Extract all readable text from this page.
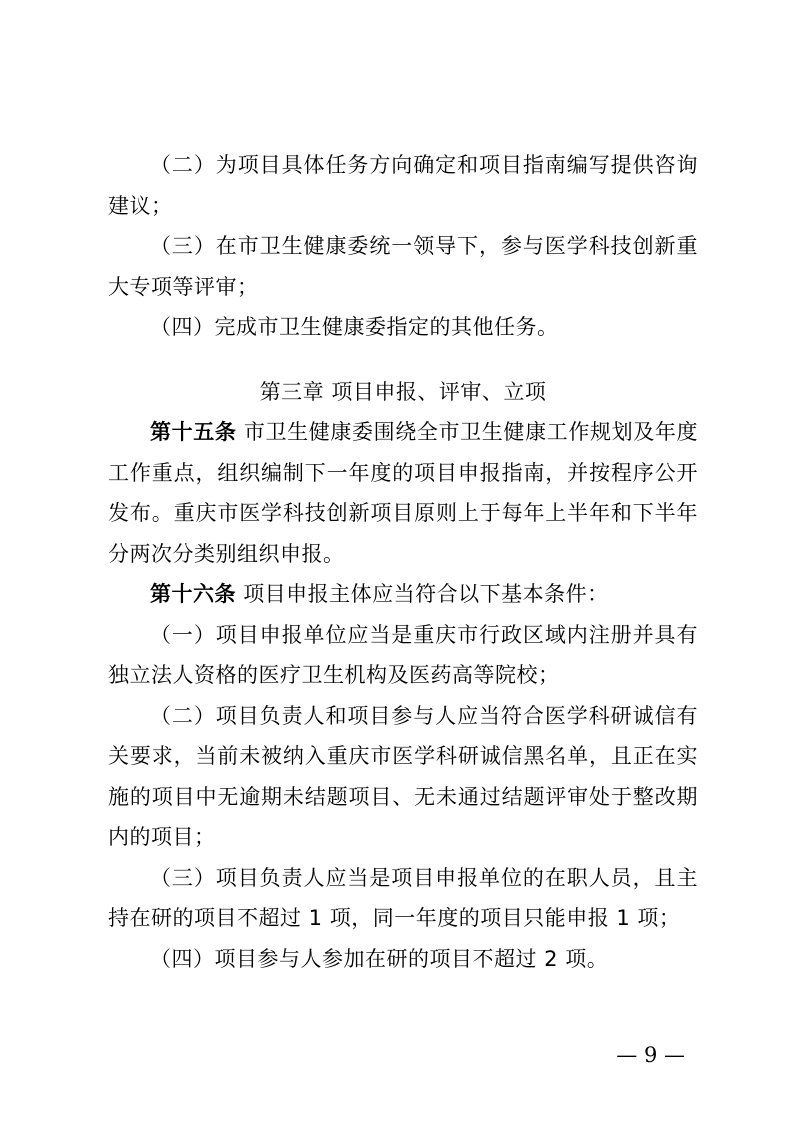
（二）为项目具体任务方向确定和项目指南编写提供咨询建议；

（三）在市卫生健康委统一领导下，参与医学科技创新重大专项等评审；

（四）完成市卫生健康委指定的其他任务。

第三章 项目申报、评审、立项

第十五条 市卫生健康委围绕全市卫生健康工作规划及年度工作重点，组织编制下一年度的项目申报指南，并按程序公开发布。重庆市医学科技创新项目原则上于每年上半年和下半年分两次分类别组织申报。

第十六条 项目申报主体应当符合以下基本条件：

（一）项目申报单位应当是重庆市行政区域内注册并具有独立法人资格的医疗卫生机构及医药高等院校；

（二）项目负责人和项目参与人应当符合医学科研诚信有关要求，当前未被纳入重庆市医学科研诚信黑名单，且正在实施的项目中无逾期未结题项目、无未通过结题评审处于整改期内的项目；

（三）项目负责人应当是项目申报单位的在职人员，且主持在研的项目不超过 1 项，同一年度的项目只能申报 1 项；

（四）项目参与人参加在研的项目不超过 2 项。

— 9 —
